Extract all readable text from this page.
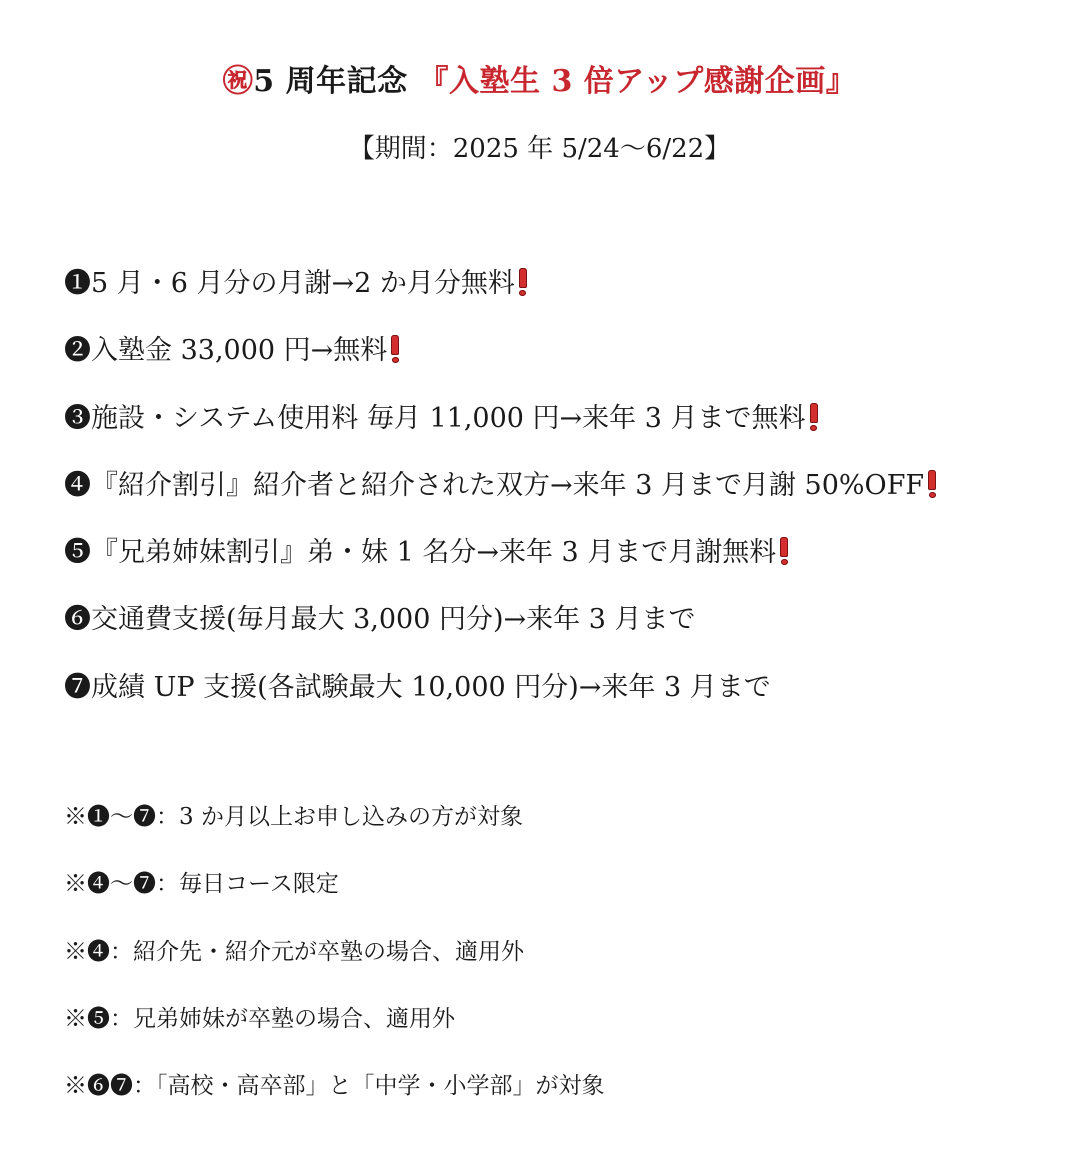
㊗5 周年記念 『入塾生 3 倍アップ感謝企画』
【期間：2025 年 5/24〜6/22】
❶5 月・6 月分の月謝→2 か月分無料
❷入塾金 33,000 円→無料
❸施設・システム使用料 毎月 11,000 円→来年 3 月まで無料
❹『紹介割引』紹介者と紹介された双方→来年 3 月まで月謝 50%OFF
❺『兄弟姉妹割引』弟・妹 1 名分→来年 3 月まで月謝無料
❻交通費支援(毎月最大 3,000 円分)→来年 3 月まで
❼成績 UP 支援(各試験最大 10,000 円分)→来年 3 月まで
※❶〜❼：3 か月以上お申し込みの方が対象
※❹〜❼：毎日コース限定
※❹：紹介先・紹介元が卒塾の場合、適用外
※❺：兄弟姉妹が卒塾の場合、適用外
※❻❼：「高校・高卒部」と「中学・小学部」が対象
